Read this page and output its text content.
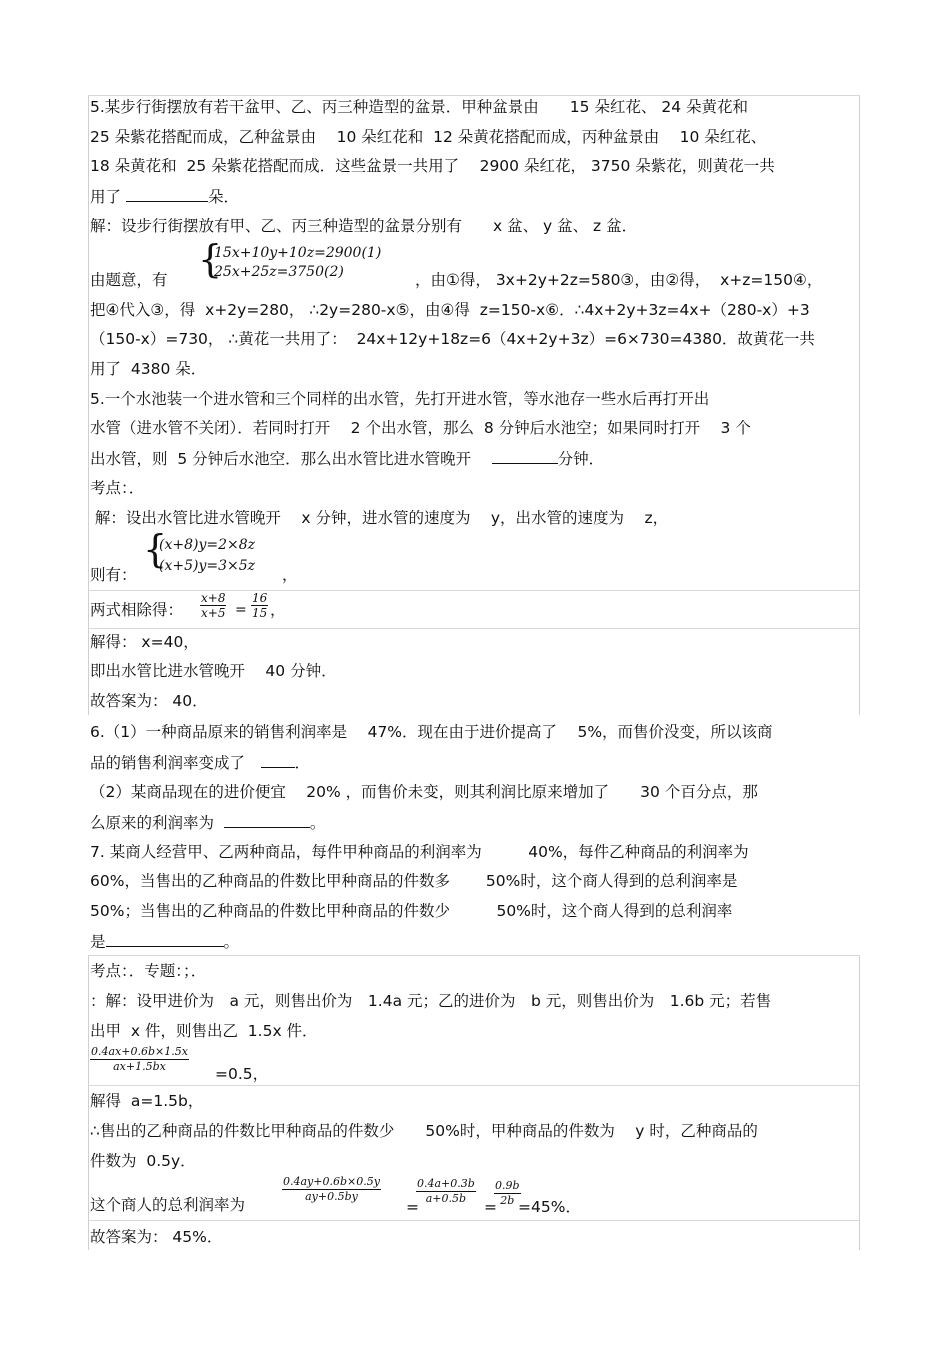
5.某步行街摆放有若干盆甲、乙、丙三种造型的盆景．甲种盆景由　　15 朵红花、 24 朵黄花和
25 朵紫花搭配而成，乙种盆景由　 10 朵红花和  12 朵黄花搭配而成，丙种盆景由　 10 朵红花、
18 朵黄花和  25 朵紫花搭配而成．这些盆景一共用了　 2900 朵红花， 3750 朵紫花，则黄花一共
用了	朵．
解：设步行街摆放有甲、乙、丙三种造型的盆景分别有　　x 盆、 y 盆、 z 盆．
{
15x+10y+10z=2900(1)
25x+25z=3750(2)
由题意，有	，由①得， 3x+2y+2z=580③，由②得，  x+z=150④，
把④代入③，得  x+2y=280， ∴2y=280-x⑤，由④得  z=150-x⑥．∴4x+2y+3z=4x+（280-x）+3
（150-x）=730， ∴黄花一共用了：  24x+12y+18z=6（4x+2y+3z）=6×730=4380．故黄花一共
用了  4380 朵．
5.一个水池装一个进水管和三个同样的出水管，先打开进水管，等水池存一些水后再打开出
水管（进水管不关闭）．若同时打开　 2 个出水管，那么  8 分钟后水池空；如果同时打开　 3 个
出水管，则  5 分钟后水池空．那么出水管比进水管晚开　	分钟．
考点：．
解：设出水管比进水管晚开　 x 分钟，进水管的速度为　 y，出水管的速度为　 z，
{
(x+8)y=2×8z
(x+5)y=3×5z
则有：	，
两式相除得： $\frac{x+8}{x+5} = \frac{16}{15}$ ，
解得： x=40，
即出水管比进水管晚开　 40 分钟．
故答案为： 40．
6.（1）一种商品原来的销售利润率是　 47%．现在由于进价提高了　 5%，而售价没变，所以该商
品的销售利润率变成了　．
（2）某商品现在的进价便宜　 20% ，而售价未变，则其利润比原来增加了　　30 个百分点，那
么原来的利润率为	。
7. 某商人经营甲、乙两种商品，每件甲种商品的利润率为　　　40%，每件乙种商品的利润率为
60%，当售出的乙种商品的件数比甲种商品的件数多　　 50%时，这个商人得到的总利润率是
50%；当售出的乙种商品的件数比甲种商品的件数少　　　50%时，这个商人得到的总利润率
是	。
考点：．专题：；．
：解：设甲进价为　a 元，则售出价为　1.4a 元；乙的进价为　b 元，则售出价为　1.6b 元；若售
出甲  x 件，则售出乙  1.5x 件．
$\frac{0.4ax+0.6b\times 1.5x}{ax+1.5bx} =0.5$，
解得  a=1.5b，
∴售出的乙种商品的件数比甲种商品的件数少　　50%时，甲种商品的件数为　 y 时，乙种商品的
件数为  0.5y．
这个商人的总利润率为
$\frac{0.4ay+0.6b\times 0.5y}{ay+0.5by}$
=
$\frac{0.4a+0.3b}{a+0.5b}$
=
$\frac{0.9b}{2b}$
=45%．
故答案为： 45%．
